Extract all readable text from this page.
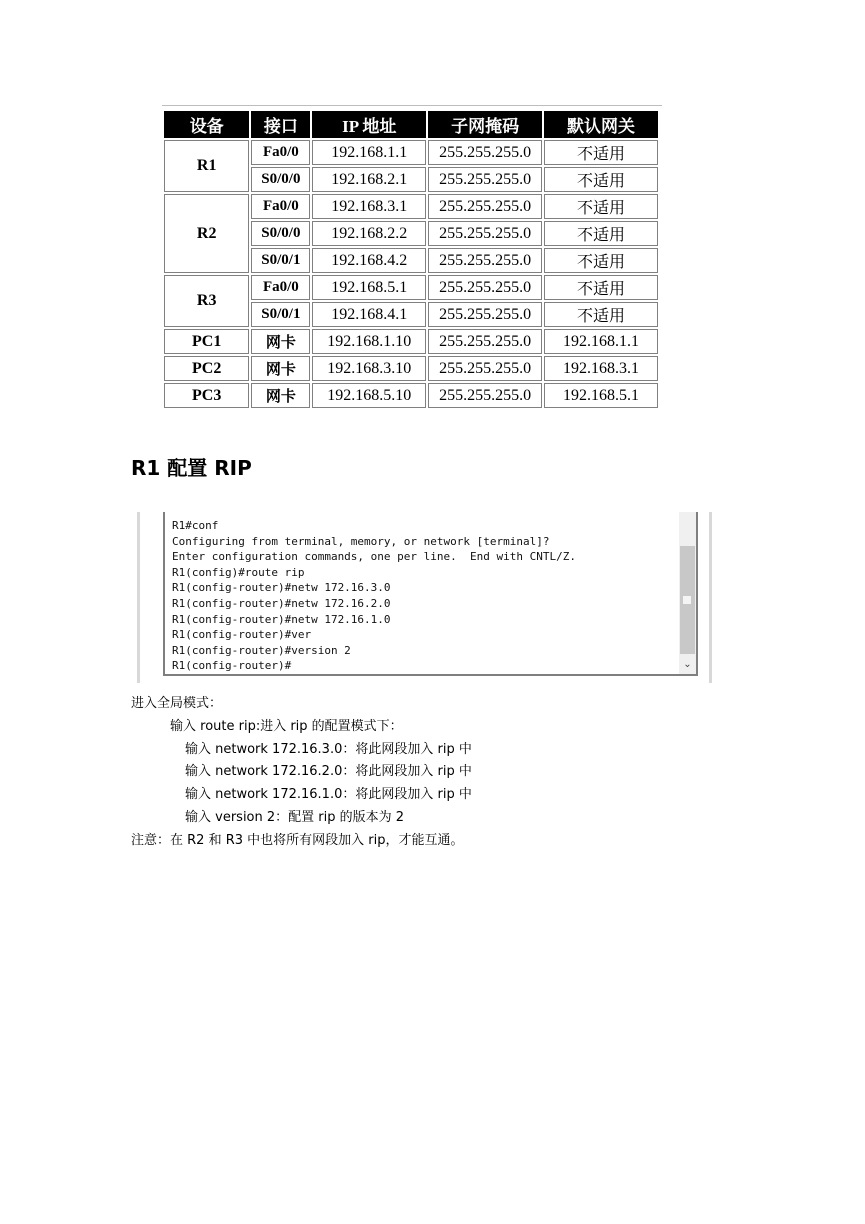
设备	接口	IP 地址	子网掩码	默认网关
R1	Fa0/0	192.168.1.1	255.255.255.0	不适用
	S0/0/0	192.168.2.1	255.255.255.0	不适用
R2	Fa0/0	192.168.3.1	255.255.255.0	不适用
	S0/0/0	192.168.2.2	255.255.255.0	不适用
	S0/0/1	192.168.4.2	255.255.255.0	不适用
R3	Fa0/0	192.168.5.1	255.255.255.0	不适用
	S0/0/1	192.168.4.1	255.255.255.0	不适用
PC1	网卡	192.168.1.10	255.255.255.0	192.168.1.1
PC2	网卡	192.168.3.10	255.255.255.0	192.168.3.1
PC3	网卡	192.168.5.10	255.255.255.0	192.168.5.1
R1 配置 RIP
R1#conf
Configuring from terminal, memory, or network [terminal]?
Enter configuration commands, one per line.  End with CNTL/Z.
R1(config)#route rip
R1(config-router)#netw 172.16.3.0
R1(config-router)#netw 172.16.2.0
R1(config-router)#netw 172.16.1.0
R1(config-router)#ver
R1(config-router)#version 2
R1(config-router)#	⌄
进入全局模式：
输入 route rip:进入 rip 的配置模式下：
输入 network 172.16.3.0：将此网段加入 rip 中
输入 network 172.16.2.0：将此网段加入 rip 中
输入 network 172.16.1.0：将此网段加入 rip 中
输入 version 2：配置 rip 的版本为 2
注意：在 R2 和 R3 中也将所有网段加入 rip，才能互通。
